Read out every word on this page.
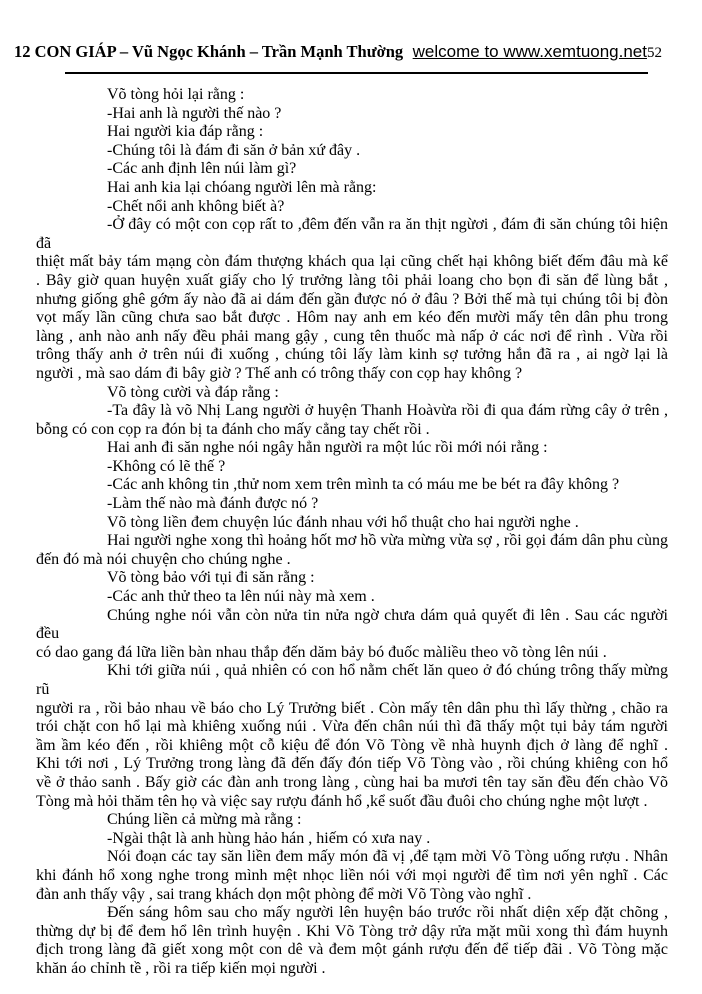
12 CON GIÁP – Vũ Ngọc Khánh – Trần Mạnh Thường welcome to www.xemtuong.net 52
Võ tòng hỏi lại rằng :
-Hai anh là người thế nào ?
Hai người kia đáp rằng :
-Chúng tôi là đám đi săn ở bản xứ đây .
-Các anh định lên núi làm gì?
Hai anh kia lại chóang người lên mà rằng:
-Chết nổi anh không biết à?
-Ở đây có một con cọp rất to ,đêm đến vẫn ra ăn thịt ngừơi , đám đi săn chúng tôi hiện đã
thiệt mất bảy tám mạng còn đám thượng khách qua lại cũng chết hại không biết đếm đâu mà kể
. Bây giờ quan huyện xuất giấy cho lý trưởng làng tôi phải loang cho bọn đi săn để lùng bắt ,
nhưng giống ghê gớm ấy nào đã ai dám đến gần được nó ở đâu ? Bởi thế mà tụi chúng tôi bị đòn
vọt mấy lần cũng chưa sao bắt được . Hôm nay anh em kéo đến mười mấy tên dân phu trong
làng , anh nào anh nấy đều phải mang gậy , cung tên thuốc mà nấp ở các nơi để rình . Vừa rồi
trông thấy anh ở trên núi đi xuống , chúng tôi lấy làm kinh sợ tưởng hắn đã ra , ai ngờ lại là
người , mà sao dám đi bây giờ ? Thế anh có trông thấy con cọp hay không ?
Võ tòng cười và đáp rằng :
-Ta đây là võ Nhị Lang người ở huyện Thanh Hoàvừa rồi đi qua đám rừng cây ở trên ,
bỗng có con cọp ra đón bị ta đánh cho mấy cẳng tay chết rồi .
Hai anh đi săn nghe nói ngây hẳn người ra một lúc rồi mới nói rằng :
-Không có lẽ thế ?
-Các anh không tin ,thử nom xem trên mình ta có máu me be bét ra đây không ?
-Làm thế nào mà đánh được nó ?
Võ tòng liền đem chuyện lúc đánh nhau với hổ thuật cho hai người nghe .
Hai người nghe xong thì hoảng hốt mơ hồ vừa mừng vừa sợ , rồi gọi đám dân phu cùng
đến đó mà nói chuyện cho chúng nghe .
Võ tòng bảo với tụi đi săn rằng :
-Các anh thử theo ta lên núi này mà xem .
Chúng nghe nói vẫn còn nửa tin nửa ngờ chưa dám quả quyết đi lên . Sau các người đều
có dao gang đá lữa liền bàn nhau thắp đến dăm bảy bó đuốc màliều theo võ tòng lên núi .
Khi tới giữa núi , quả nhiên có con hổ nằm chết lăn queo ở đó chúng trông thấy mừng rũ
người ra , rồi bảo nhau về báo cho Lý Trưởng biết . Còn mấy tên dân phu thì lấy thừng , chão ra
trói chặt con hổ lại mà khiêng xuống núi . Vừa đến chân núi thì đã thấy một tụi bảy tám người
ầm ầm kéo đến , rồi khiêng một cỗ kiệu để đón Võ Tòng về nhà huynh địch ở làng để nghĩ .
Khi tới nơi , Lý Trưởng trong làng đã đến đấy đón tiếp Võ Tòng vào , rồi chúng khiêng con hổ
về ở thảo sanh . Bấy giờ các đàn anh trong làng , cùng hai ba mươi tên tay săn đều đến chào Võ
Tòng mà hỏi thăm tên họ và việc say rượu đánh hổ ,kể suốt đầu đuôi cho chúng nghe một lượt .
Chúng liền cả mừng mà rằng :
-Ngài thật là anh hùng hảo hán , hiếm có xưa nay .
Nói đoạn các tay săn liền đem mấy món đã vị ,để tạm mời Võ Tòng uống rượu . Nhân
khi đánh hổ xong nghe trong mình mệt nhọc liền nói với mọi người để tìm nơi yên nghĩ . Các
đàn anh thấy vậy , sai trang khách dọn một phòng để mời Võ Tòng vào nghĩ .
Đến sáng hôm sau cho mấy người lên huyện báo trước rồi nhất diện xếp đặt chõng ,
thừng dự bị để đem hổ lên trình huyện . Khi Võ Tòng trở dậy rửa mặt mũi xong thì đám huynh
địch trong làng đã giết xong một con dê và đem một gánh rượu đến để tiếp đãi . Võ Tòng mặc
khăn áo chỉnh tề , rồi ra tiếp kiến mọi người .
